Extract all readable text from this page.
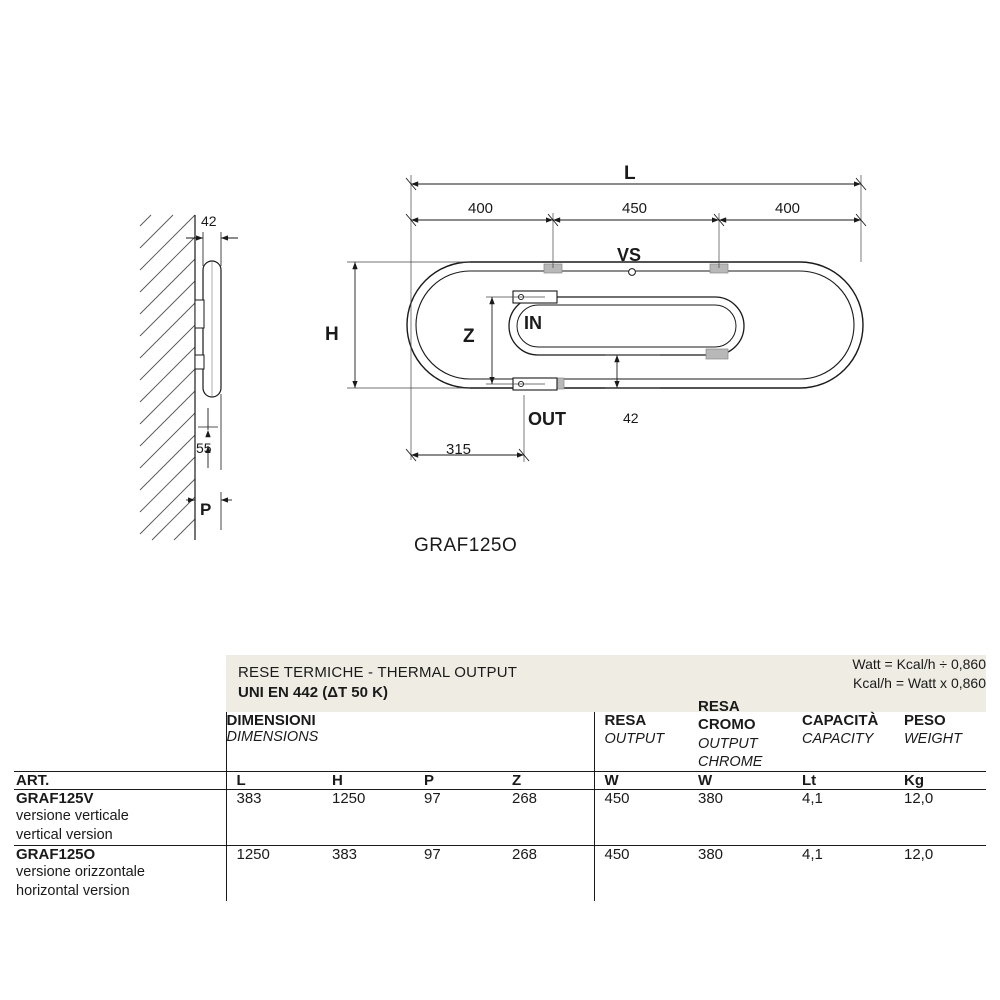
42
55
P
L
400	450	400
H	Z
VS
IN
OUT	42
315
GRAF125O

RESE TERMICHE - THERMAL OUTPUT
UNI EN 442 (ΔT 50 K)

Watt = Kcal/h ÷ 0,860
Kcal/h = Watt x 0,860

DIMENSIONI
DIMENSIONS

RESA
OUTPUT

RESA
CROMO
OUTPUT
CHROME

CAPACITÀ
CAPACITY

PESO
WEIGHT

ART.	L	H	P	Z	W	W	Lt	Kg
GRAF125V	383	1250	97	268	450	380	4,1	12,0

versione verticale
vertical version								

GRAF125O	1250	383	97	268	450	380	4,1	12,0

versione orizzontale
horizontal version								
